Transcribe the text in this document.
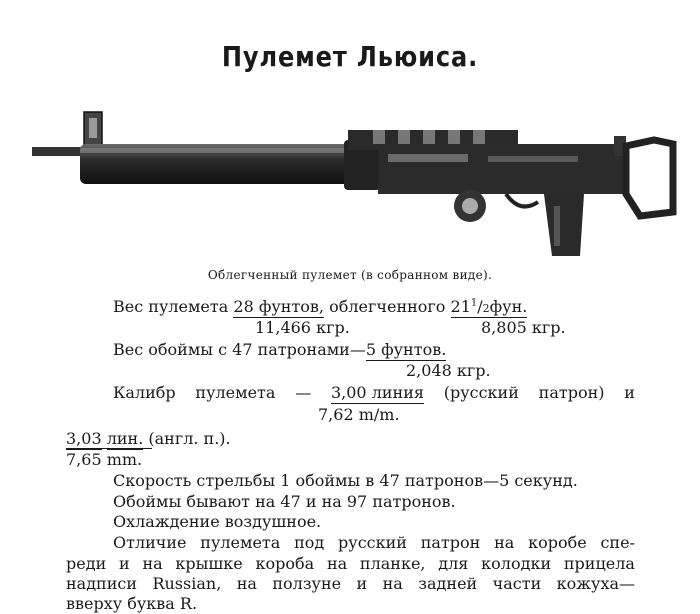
Пулемет Льюиса.
Облегченный пулемет (в собранном виде).
Вес пулемета 28 фунтов, облегченного $21^1/2фун$.
11,466 кгр.	8,805 кгр.
Вес обоймы с 47 патронами—5 фунтов.
2,048 кгр.
Калибр пулемета — 3,00 линия (русский патрон) и
7,62 m/m.
3,03 лин. (англ. п.).
7,65 mm.
Скорость стрельбы 1 обоймы в 47 патронов—5 секунд.
Обоймы бывают на 47 и на 97 патронов.
Охлаждение воздушное.
Отличие пулемета под русский патрон на коробе спе-
реди и на крышке короба на планке, для колодки прицела
надписи Russian, на ползуне и на задней части кожуха—
вверху буква R.
